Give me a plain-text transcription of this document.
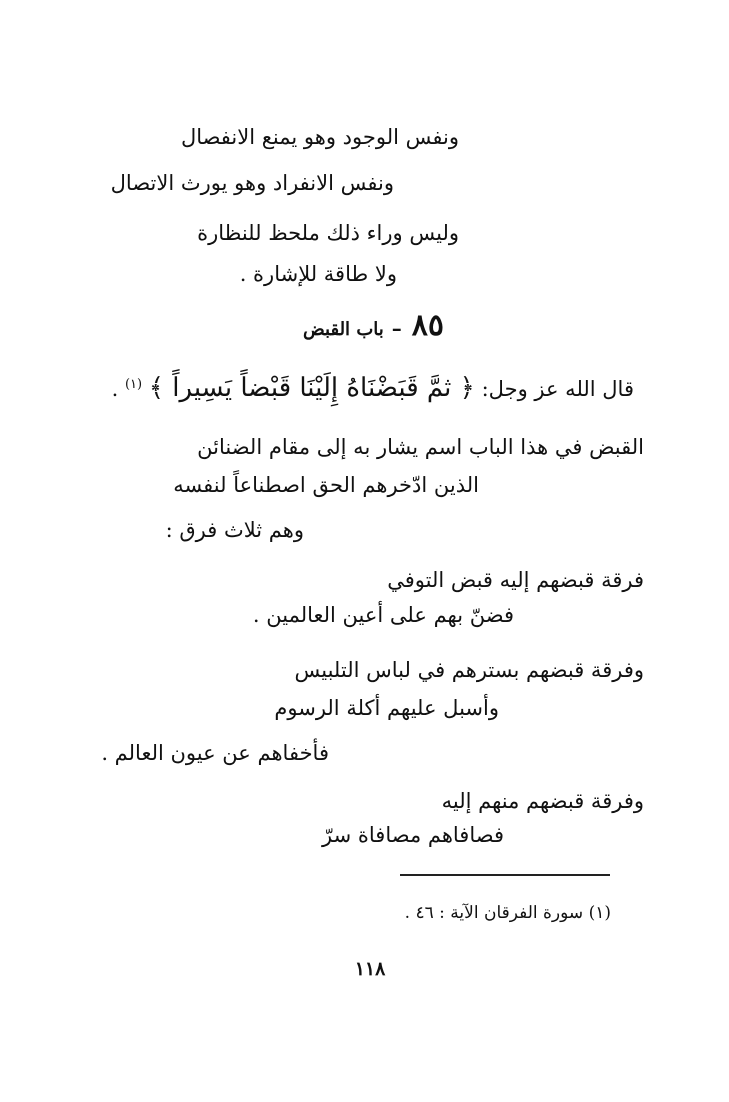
ونفس الوجود وهو يمنع الانفصال
ونفس الانفراد وهو يورث الاتصال
وليس وراء ذلك ملحظ للنظارة
ولا طاقة للإشارة .
٨٥–باب القبض
قال الله عز وجل: ﴿ ثمَّ قَبَضْنَاهُ إِلَيْنَا قَبْضاً يَسِيراً ﴾ $^{(١)}$ .
القبض في هذا الباب اسم يشار به إلى مقام الضنائن
الذين ادّخرهم الحق اصطناعاً لنفسه
وهم ثلاث فرق :
فرقة قبضهم إليه قبض التوفي
فضنّ بهم على أعين العالمين .
وفرقة قبضهم بسترهم في لباس التلبيس
وأسبل عليهم أكلة الرسوم
فأخفاهم عن عيون العالم .
وفرقة قبضهم منهم إليه
فصافاهم مصافاة سرّ
(١) سورة الفرقان الآية : ٤٦ .
١١٨
